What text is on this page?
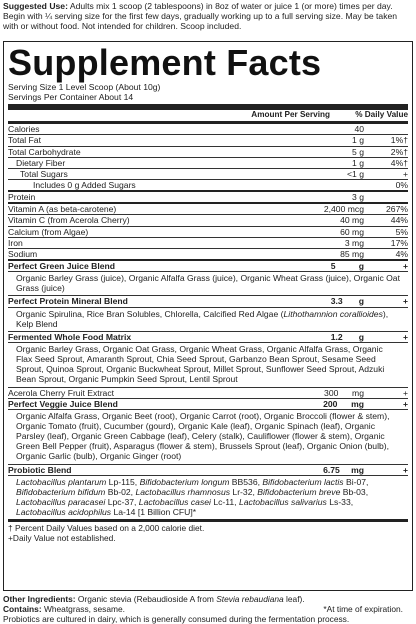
Suggested Use: Adults mix 1 scoop (2 tablespoons) in 8oz of water or juice 1 (or more) times per day. Begin with ¼ serving size for the first few days, gradually working up to a full serving size. May be taken with or without food. Not intended for children. Scoop included.
Supplement Facts
Serving Size 1 Level Scoop (About 10g)
Servings Per Container About 14
Amount Per Serving	% Daily Value
Calories	40
Total Fat	1 g	1%†
Total Carbohydrate	5 g	2%†
Dietary Fiber	1 g	4%†
Total Sugars	<1 g	+
Includes 0 g Added Sugars	0%
Protein	3 g
Vitamin A (as beta-carotene)	2,400 mcg	267%
Vitamin C (from Acerola Cherry)	40 mg	44%
Calcium (from Algae)	60 mg	5%
Iron	3 mg	17%
Sodium	85 mg	4%
Perfect Green Juice Blend	5	g	+
Organic Barley Grass (juice), Organic Alfalfa Grass (juice), Organic Wheat Grass (juice), Organic Oat Grass (juice)
Perfect Protein Mineral Blend	3.3 g	+
Organic Spirulina, Rice Bran Solubles, Chlorella, Calcified Red Algae (Lithothamnion corallioides), Kelp Blend
Fermented Whole Food Matrix	1.2 g	+
Organic Barley Grass, Organic Oat Grass, Organic Wheat Grass, Organic Alfalfa Grass, Organic Flax Seed Sprout, Amaranth Sprout, Chia Seed Sprout, Garbanzo Bean Sprout, Sesame Seed Sprout, Quinoa Sprout, Organic Buckwheat Sprout, Millet Sprout, Sunflower Seed Sprout, Adzuki Bean Sprout, Organic Pumpkin Seed Sprout, Lentil Sprout
Acerola Cherry Fruit Extract	300 mg	+
Perfect Veggie Juice Blend	200 mg	+
Organic Alfalfa Grass, Organic Beet (root), Organic Carrot (root), Organic Broccoli (flower & stem), Organic Tomato (fruit), Cucumber (gourd), Organic Kale (leaf), Organic Spinach (leaf), Organic Parsley (leaf), Organic Green Cabbage (leaf), Celery (stalk), Cauliflower (flower & stem), Organic Green Bell Pepper (fruit), Asparagus (flower & stem), Brussels Sprout (leaf), Organic Onion (bulb), Organic Garlic (bulb), Organic Ginger (root)
Probiotic Blend	6.75 mg	+
Lactobacillus plantarum Lp-115, Bifidobacterium longum BB536, Bifidobacterium lactis Bi-07, Bifidobacterium bifidum Bb-02, Lactobacillus rhamnosus Lr-32, Bifidobacterium breve Bb-03, Lactobacillus paracasei Lpc-37, Lactobacillus casei Lc-11, Lactobacillus salivarius Ls-33, Lactobacillus acidophilus La-14 [1 Billion CFU]*
† Percent Daily Values based on a 2,000 calorie diet.
+Daily Value not established.
Other Ingredients: Organic stevia (Rebaudioside A from Stevia rebaudiana leaf).
Contains: Wheatgrass, sesame.	*At time of expiration.
Probiotics are cultured in dairy, which is generally consumed during the fermentation process.
